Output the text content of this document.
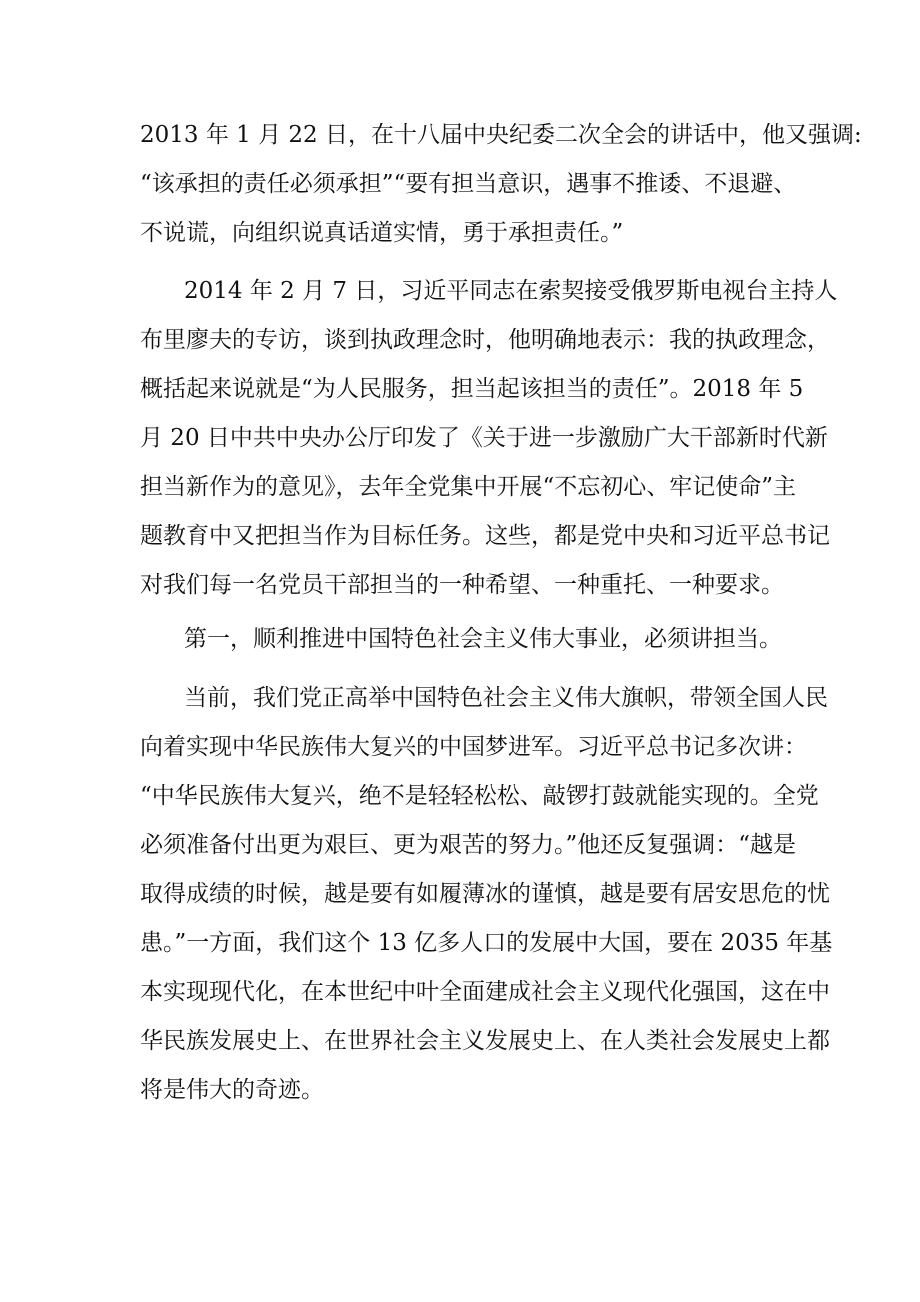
2013 年 1 月 22 日，在十八届中央纪委二次全会的讲话中，他又强调:

“该承担的责任必须承担”“要有担当意识，遇事不推诿、不退避、

不说谎，向组织说真话道实情，勇于承担责任。”

2014 年 2 月 7 日，习近平同志在索契接受俄罗斯电视台主持人

布里廖夫的专访，谈到执政理念时，他明确地表示：我的执政理念，

概括起来说就是“为人民服务，担当起该担当的责任”。2018 年 5

月 20 日中共中央办公厅印发了《关于进一步激励广大干部新时代新

担当新作为的意见》，去年全党集中开展“不忘初心、牢记使命”主

题教育中又把担当作为目标任务。这些，都是党中央和习近平总书记

对我们每一名党员干部担当的一种希望、一种重托、一种要求。

第一，顺利推进中国特色社会主义伟大事业，必须讲担当。

当前，我们党正高举中国特色社会主义伟大旗帜，带领全国人民

向着实现中华民族伟大复兴的中国梦进军。习近平总书记多次讲：

“中华民族伟大复兴，绝不是轻轻松松、敲锣打鼓就能实现的。全党

必须准备付出更为艰巨、更为艰苦的努力。”他还反复强调：“越是

取得成绩的时候，越是要有如履薄冰的谨慎，越是要有居安思危的忧

患。”一方面，我们这个 13 亿多人口的发展中大国，要在 2035 年基

本实现现代化，在本世纪中叶全面建成社会主义现代化强国，这在中

华民族发展史上、在世界社会主义发展史上、在人类社会发展史上都

将是伟大的奇迹。
